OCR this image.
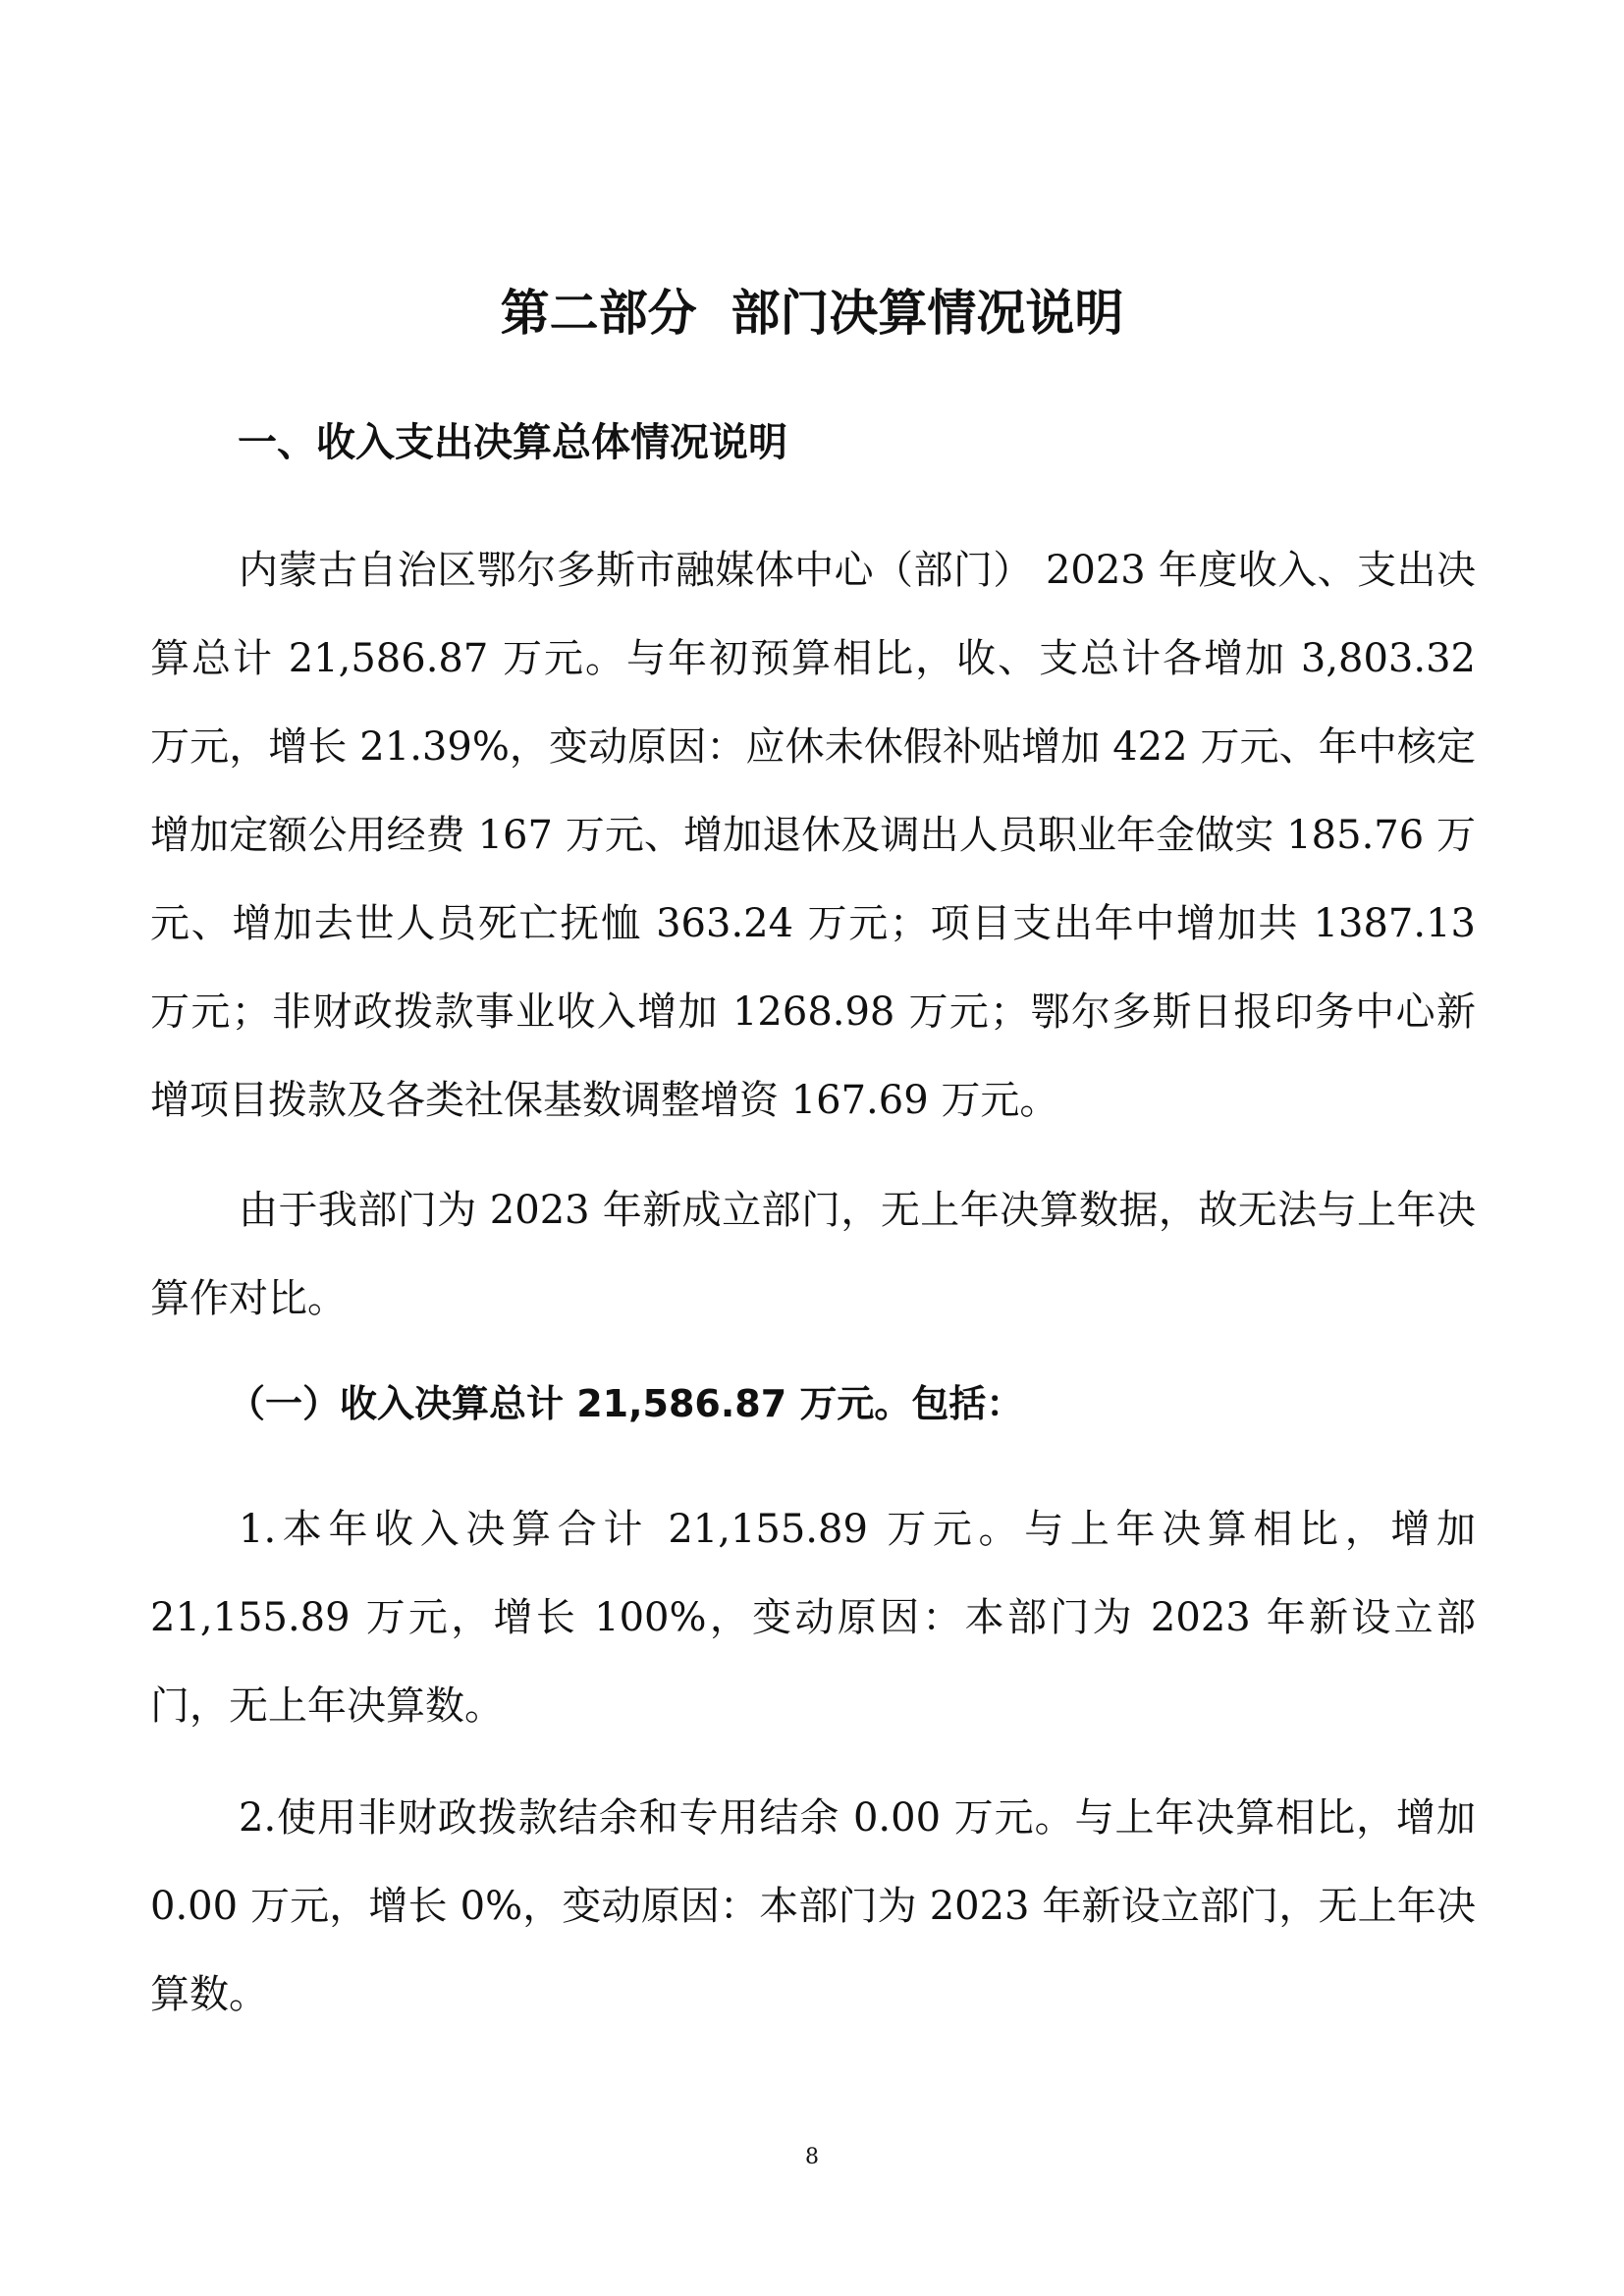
第二部分  部门决算情况说明
一、收入支出决算总体情况说明

内蒙古自治区鄂尔多斯市融媒体中心（部门） 2023 年度收入、支出决算总计 21,586.87 万元。与年初预算相比，收、支总计各增加 3,803.32 万元，增长 21.39%，变动原因：应休未休假补贴增加 422 万元、年中核定增加定额公用经费 167 万元、增加退休及调出人员职业年金做实 185.76 万元、增加去世人员死亡抚恤 363.24 万元；项目支出年中增加共 1387.13 万元；非财政拨款事业收入增加 1268.98 万元；鄂尔多斯日报印务中心新增项目拨款及各类社保基数调整增资 167.69 万元。

由于我部门为 2023 年新成立部门，无上年决算数据，故无法与上年决算作对比。

（一）收入决算总计 21,586.87 万元。包括：

1.本年收入决算合计 21,155.89 万元。与上年决算相比，增加 21,155.89 万元，增长 100%，变动原因：本部门为 2023 年新设立部门，无上年决算数。

2.使用非财政拨款结余和专用结余 0.00 万元。与上年决算相比，增加 0.00 万元，增长 0%，变动原因：本部门为 2023 年新设立部门，无上年决算数。

8
